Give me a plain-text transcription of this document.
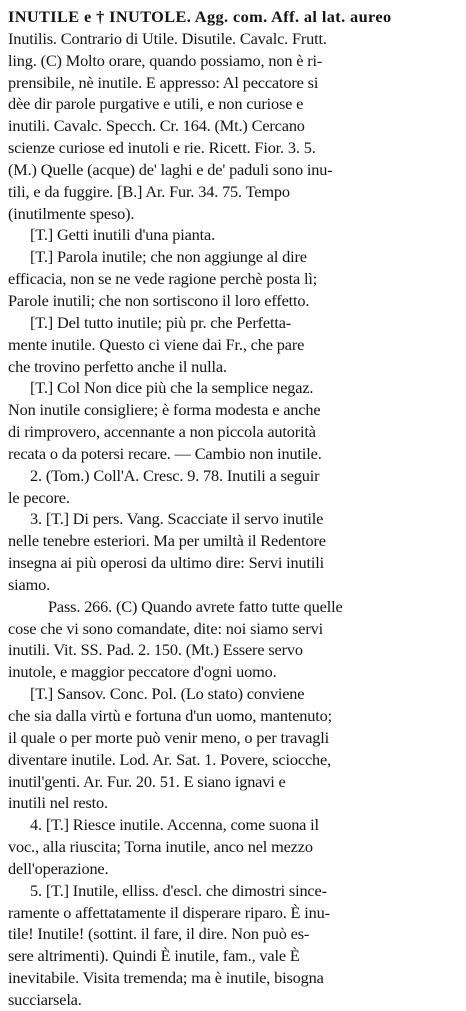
INUTILE e † INUTOLE. Agg. com. Aff. al lat. aureo
Inutilis. Contrario di Utile. Disutile. Cavalc. Frutt.
ling. (C) Molto orare, quando possiamo, non è ri-
prensibile, nè inutile. E appresso: Al peccatore si
dèe dir parole purgative e utili, e non curiose e
inutili. Cavalc. Specch. Cr. 164. (Mt.) Cercano
scienze curiose ed inutoli e rie. Ricett. Fior. 3. 5.
(M.) Quelle (acque) de' laghi e de' paduli sono inu-
tili, e da fuggire. [B.] Ar. Fur. 34. 75. Tempo
(inutilmente speso).
[T.] Getti inutili d'una pianta.
[T.] Parola inutile; che non aggiunge al dire
efficacia, non se ne vede ragione perchè posta lì;
Parole inutili; che non sortiscono il loro effetto.
[T.] Del tutto inutile; più pr. che Perfetta-
mente inutile. Questo ci viene dai Fr., che pare
che trovino perfetto anche il nulla.
[T.] Col Non dice più che la semplice negaz.
Non inutile consigliere; è forma modesta e anche
di rimprovero, accennante a non piccola autorità
recata o da potersi recare. — Cambio non inutile.
2. (Tom.) Coll'A. Cresc. 9. 78. Inutili a seguir
le pecore.
3. [T.] Di pers. Vang. Scacciate il servo inutile
nelle tenebre esteriori. Ma per umiltà il Redentore
insegna ai più operosi da ultimo dire: Servi inutili
siamo.
Pass. 266. (C) Quando avrete fatto tutte quelle
cose che vi sono comandate, dite: noi siamo servi
inutili. Vit. SS. Pad. 2. 150. (Mt.) Essere servo
inutole, e maggior peccatore d'ogni uomo.
[T.] Sansov. Conc. Pol. (Lo stato) conviene
che sia dalla virtù e fortuna d'un uomo, mantenuto;
il quale o per morte può venir meno, o per travagli
diventare inutile. Lod. Ar. Sat. 1. Povere, sciocche,
inutil'genti. Ar. Fur. 20. 51. E siano ignavi e
inutili nel resto.
4. [T.] Riesce inutile. Accenna, come suona il
voc., alla riuscita; Torna inutile, anco nel mezzo
dell'operazione.
5. [T.] Inutile, elliss. d'escl. che dimostri since-
ramente o affettatamente il disperare riparo. È inu-
tile! Inutile! (sottint. il fare, il dire. Non può es-
sere altrimenti). Quindi È inutile, fam., vale È
inevitabile. Visita tremenda; ma è inutile, bisogna
succiarsela.
